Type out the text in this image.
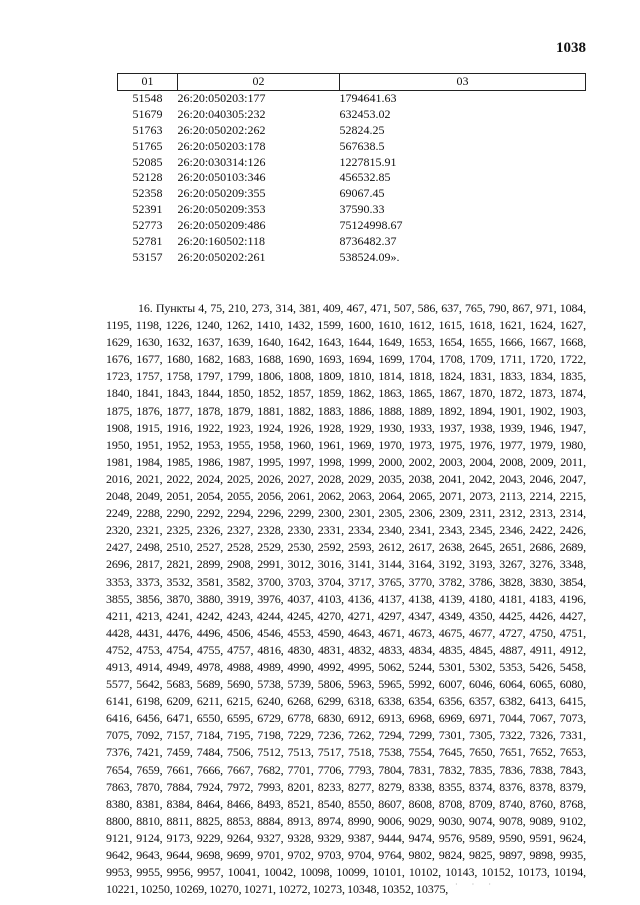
1038
01	02	03
51548	26:20:050203:177	1794641.63
51679	26:20:040305:232	632453.02
51763	26:20:050202:262	52824.25
51765	26:20:050203:178	567638.5
52085	26:20:030314:126	1227815.91
52128	26:20:050103:346	456532.85
52358	26:20:050209:355	69067.45
52391	26:20:050209:353	37590.33
52773	26:20:050209:486	75124998.67
52781	26:20:160502:118	8736482.37
53157	26:20:050202:261	538524.09».
16. Пункты 4, 75, 210, 273, 314, 381, 409, 467, 471, 507, 586, 637, 765, 790, 867, 971, 1084, 1195, 1198, 1226, 1240, 1262, 1410, 1432, 1599, 1600, 1610, 1612, 1615, 1618, 1621, 1624, 1627, 1629, 1630, 1632, 1637, 1639, 1640, 1642, 1643, 1644, 1649, 1653, 1654, 1655, 1666, 1667, 1668, 1676, 1677, 1680, 1682, 1683, 1688, 1690, 1693, 1694, 1699, 1704, 1708, 1709, 1711, 1720, 1722, 1723, 1757, 1758, 1797, 1799, 1806, 1808, 1809, 1810, 1814, 1818, 1824, 1831, 1833, 1834, 1835, 1840, 1841, 1843, 1844, 1850, 1852, 1857, 1859, 1862, 1863, 1865, 1867, 1870, 1872, 1873, 1874, 1875, 1876, 1877, 1878, 1879, 1881, 1882, 1883, 1886, 1888, 1889, 1892, 1894, 1901, 1902, 1903, 1908, 1915, 1916, 1922, 1923, 1924, 1926, 1928, 1929, 1930, 1933, 1937, 1938, 1939, 1946, 1947, 1950, 1951, 1952, 1953, 1955, 1958, 1960, 1961, 1969, 1970, 1973, 1975, 1976, 1977, 1979, 1980, 1981, 1984, 1985, 1986, 1987, 1995, 1997, 1998, 1999, 2000, 2002, 2003, 2004, 2008, 2009, 2011, 2016, 2021, 2022, 2024, 2025, 2026, 2027, 2028, 2029, 2035, 2038, 2041, 2042, 2043, 2046, 2047, 2048, 2049, 2051, 2054, 2055, 2056, 2061, 2062, 2063, 2064, 2065, 2071, 2073, 2113, 2214, 2215, 2249, 2288, 2290, 2292, 2294, 2296, 2299, 2300, 2301, 2305, 2306, 2309, 2311, 2312, 2313, 2314, 2320, 2321, 2325, 2326, 2327, 2328, 2330, 2331, 2334, 2340, 2341, 2343, 2345, 2346, 2422, 2426, 2427, 2498, 2510, 2527, 2528, 2529, 2530, 2592, 2593, 2612, 2617, 2638, 2645, 2651, 2686, 2689, 2696, 2817, 2821, 2899, 2908, 2991, 3012, 3016, 3141, 3144, 3164, 3192, 3193, 3267, 3276, 3348, 3353, 3373, 3532, 3581, 3582, 3700, 3703, 3704, 3717, 3765, 3770, 3782, 3786, 3828, 3830, 3854, 3855, 3856, 3870, 3880, 3919, 3976, 4037, 4103, 4136, 4137, 4138, 4139, 4180, 4181, 4183, 4196, 4211, 4213, 4241, 4242, 4243, 4244, 4245, 4270, 4271, 4297, 4347, 4349, 4350, 4425, 4426, 4427, 4428, 4431, 4476, 4496, 4506, 4546, 4553, 4590, 4643, 4671, 4673, 4675, 4677, 4727, 4750, 4751, 4752, 4753, 4754, 4755, 4757, 4816, 4830, 4831, 4832, 4833, 4834, 4835, 4845, 4887, 4911, 4912, 4913, 4914, 4949, 4978, 4988, 4989, 4990, 4992, 4995, 5062, 5244, 5301, 5302, 5353, 5426, 5458, 5577, 5642, 5683, 5689, 5690, 5738, 5739, 5806, 5963, 5965, 5992, 6007, 6046, 6064, 6065, 6080, 6141, 6198, 6209, 6211, 6215, 6240, 6268, 6299, 6318, 6338, 6354, 6356, 6357, 6382, 6413, 6415, 6416, 6456, 6471, 6550, 6595, 6729, 6778, 6830, 6912, 6913, 6968, 6969, 6971, 7044, 7067, 7073, 7075, 7092, 7157, 7184, 7195, 7198, 7229, 7236, 7262, 7294, 7299, 7301, 7305, 7322, 7326, 7331, 7376, 7421, 7459, 7484, 7506, 7512, 7513, 7517, 7518, 7538, 7554, 7645, 7650, 7651, 7652, 7653, 7654, 7659, 7661, 7666, 7667, 7682, 7701, 7706, 7793, 7804, 7831, 7832, 7835, 7836, 7838, 7843, 7863, 7870, 7884, 7924, 7972, 7993, 8201, 8233, 8277, 8279, 8338, 8355, 8374, 8376, 8378, 8379, 8380, 8381, 8384, 8464, 8466, 8493, 8521, 8540, 8550, 8607, 8608, 8708, 8709, 8740, 8760, 8768, 8800, 8810, 8811, 8825, 8853, 8884, 8913, 8974, 8990, 9006, 9029, 9030, 9074, 9078, 9089, 9102, 9121, 9124, 9173, 9229, 9264, 9327, 9328, 9329, 9387, 9444, 9474, 9576, 9589, 9590, 9591, 9624, 9642, 9643, 9644, 9698, 9699, 9701, 9702, 9703, 9704, 9764, 9802, 9824, 9825, 9897, 9898, 9935, 9953, 9955, 9956, 9957, 10041, 10042, 10098, 10099, 10101, 10102, 10143, 10152, 10173, 10194, 10221, 10250, 10269, 10270, 10271, 10272, 10273, 10348, 10352, 10375, · · ·
